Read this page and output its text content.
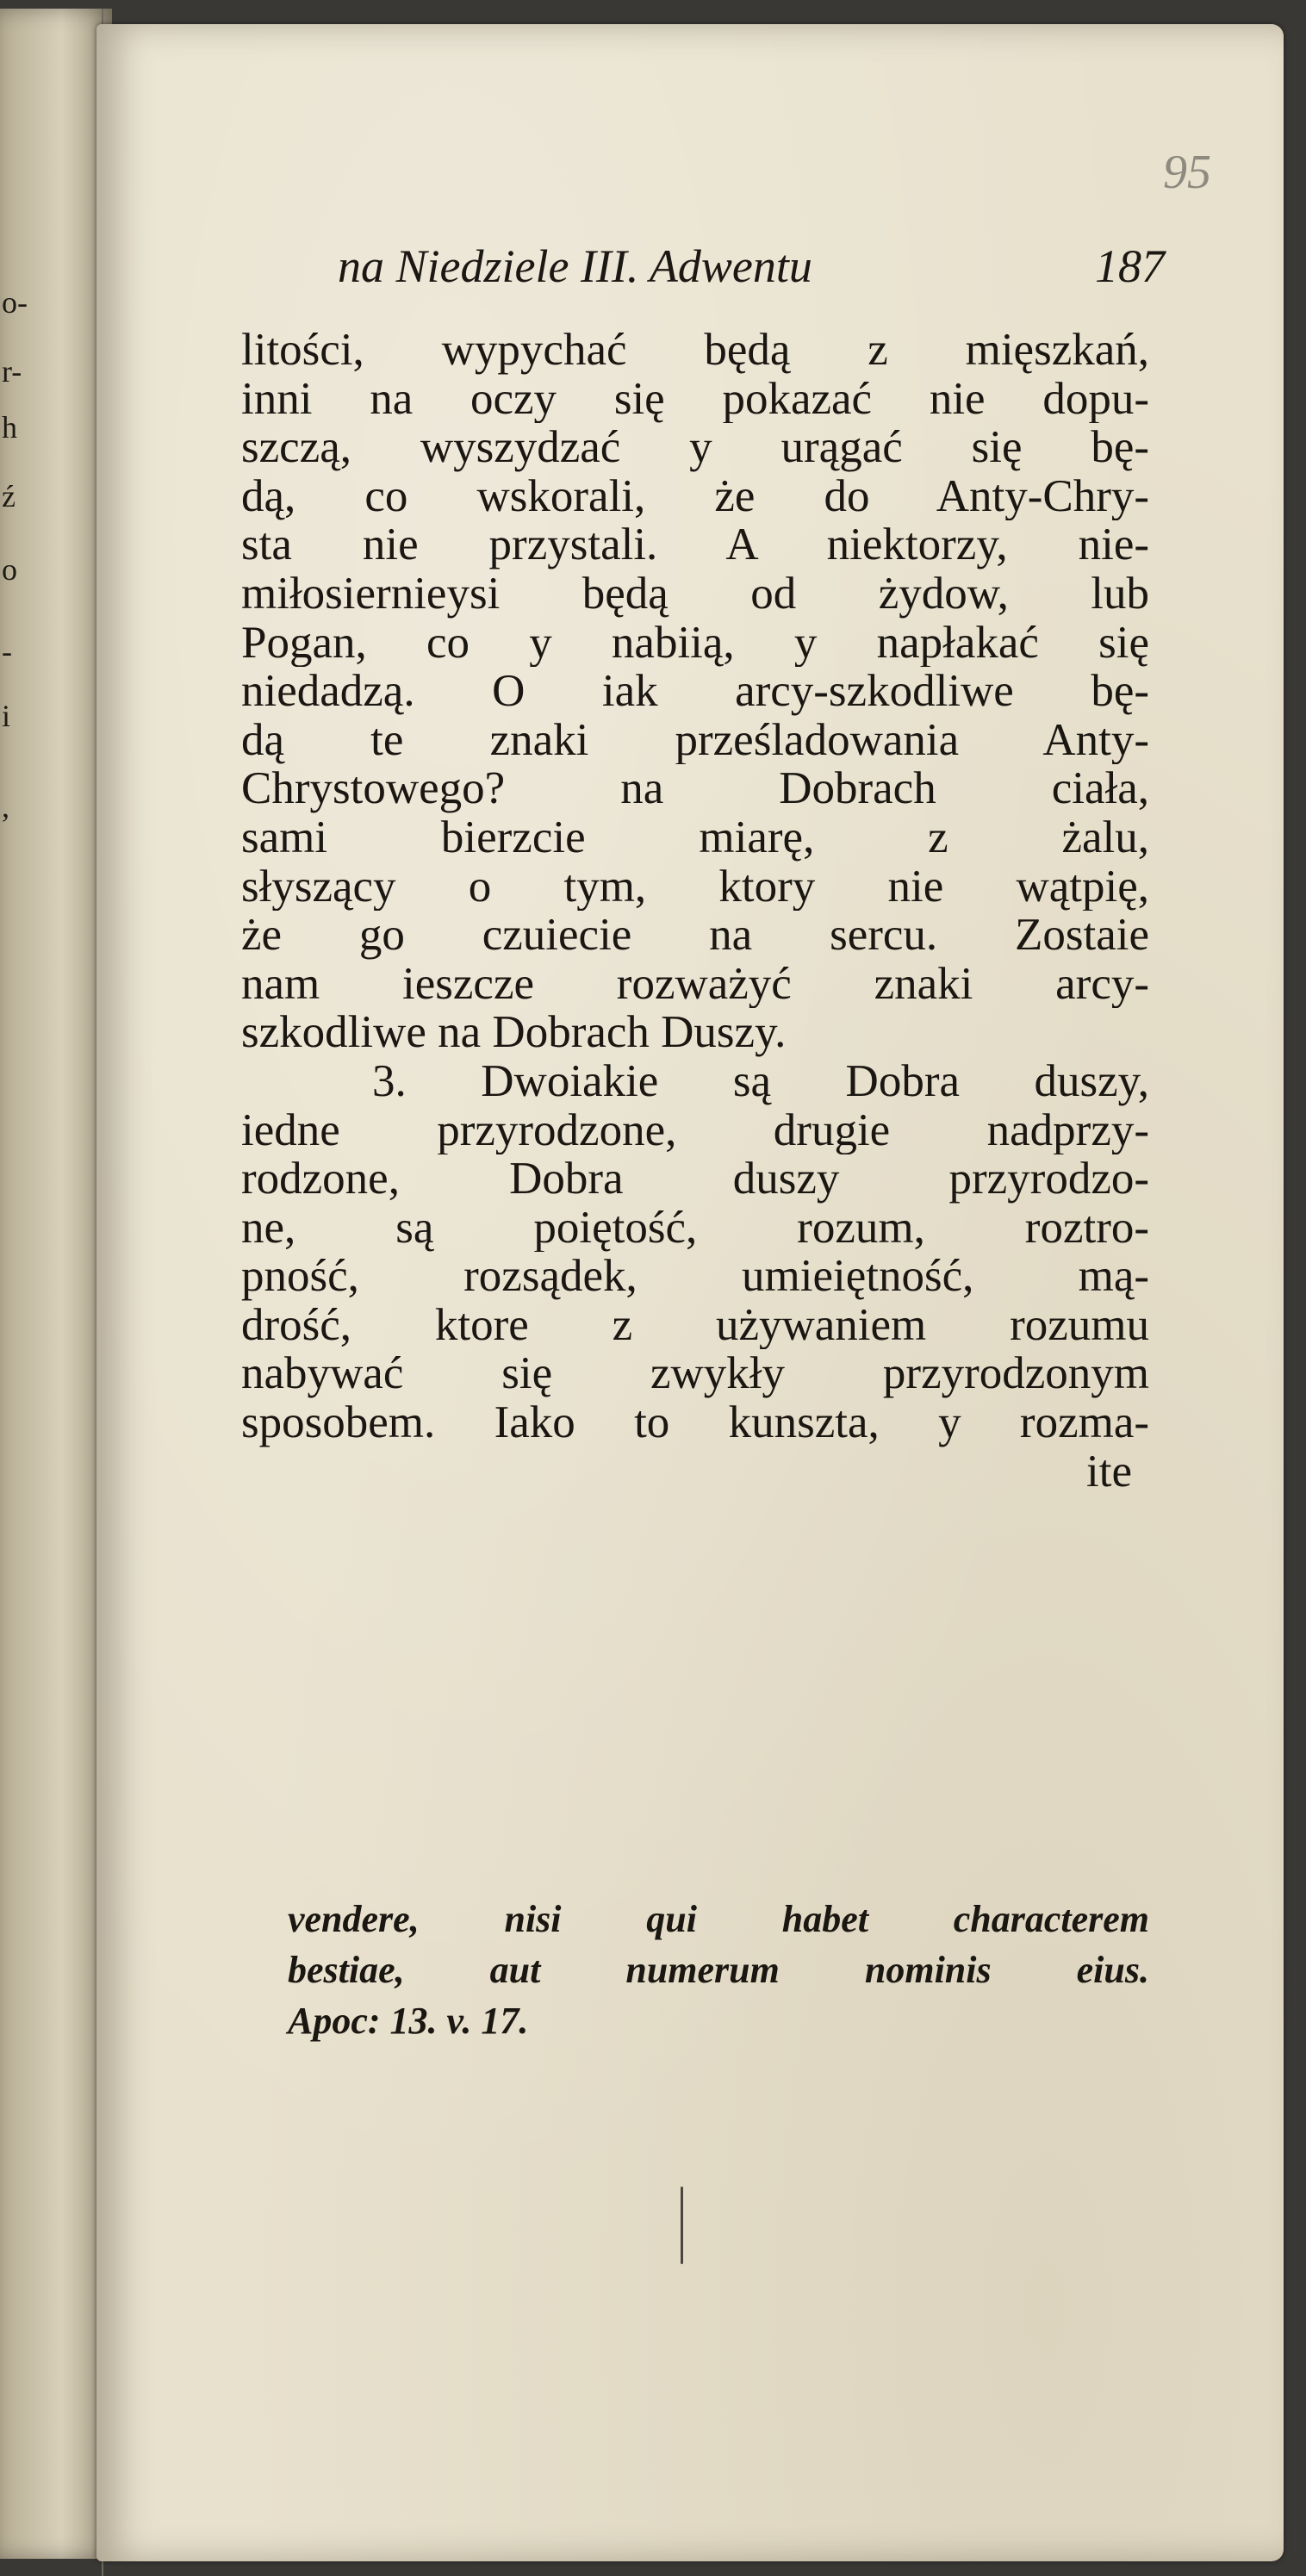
o-
r-
h
ź
o
-
i
,
95
na Niedziele III. Adwentu	187
litości, wypychać będą z mięszkań,
inni na oczy się pokazać nie dopu-
szczą, wyszydzać y urągać się bę-
dą, co wskorali, że do Anty-Chry-
sta nie przystali. A niektorzy, nie-
miłosiernieysi będą od żydow, lub
Pogan, co y nabiią, y napłakać się
niedadzą. O iak arcy-szkodliwe bę-
dą te znaki prześladowania Anty-
Chrystowego? na Dobrach ciała,
sami bierzcie miarę, z żalu,
słyszący o tym, ktory nie wątpię,
że go czuiecie na sercu. Zostaie
nam ieszcze rozważyć znaki arcy-
szkodliwe na Dobrach Duszy.
3. Dwoiakie są Dobra duszy,
iedne przyrodzone, drugie nadprzy-
rodzone, Dobra duszy przyrodzo-
ne, są poiętość, rozum, roztro-
pność, rozsądek, umieiętność, mą-
drość, ktore z używaniem rozumu
nabywać się zwykły przyrodzonym
sposobem. Iako to kunszta, y rozma-
ite
vendere, nisi qui habet characterem
bestiae, aut numerum nominis eius.
Apoc: 13. v. 17.
